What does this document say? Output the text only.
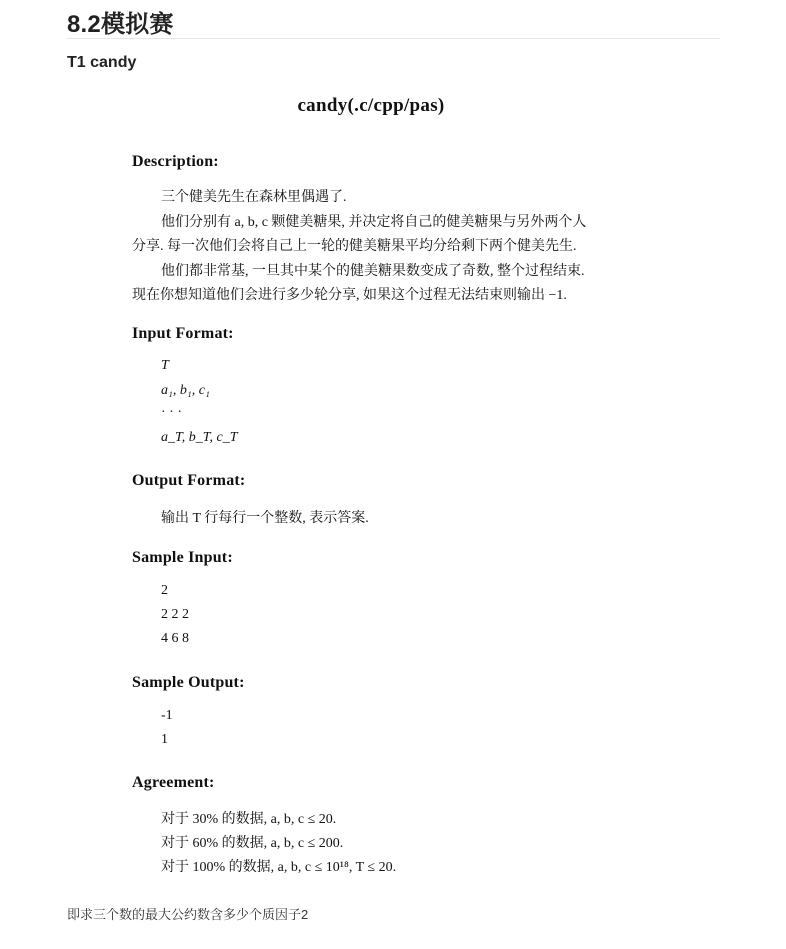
8.2模拟赛
T1 candy
candy(.c/cpp/pas)
Description:
三个健美先生在森林里偶遇了.
他们分别有 a, b, c 颗健美糖果, 并决定将自己的健美糖果与另外两个人
分享. 每一次他们会将自己上一轮的健美糖果平均分给剩下两个健美先生.
他们都非常基, 一旦其中某个的健美糖果数变成了奇数, 整个过程结束.
现在你想知道他们会进行多少轮分享, 如果这个过程无法结束则输出 −1.
Input Format:
T
a₁, b₁, c₁
· · ·
a_T, b_T, c_T
Output Format:
输出 T 行每行一个整数, 表示答案.
Sample Input:
2
2 2 2
4 6 8
Sample Output:
-1
1
Agreement:
对于 30% 的数据, a, b, c ≤ 20.
对于 60% 的数据, a, b, c ≤ 200.
对于 100% 的数据, a, b, c ≤ 10¹⁸, T ≤ 20.
即求三个数的最大公约数含多少个质因子2
